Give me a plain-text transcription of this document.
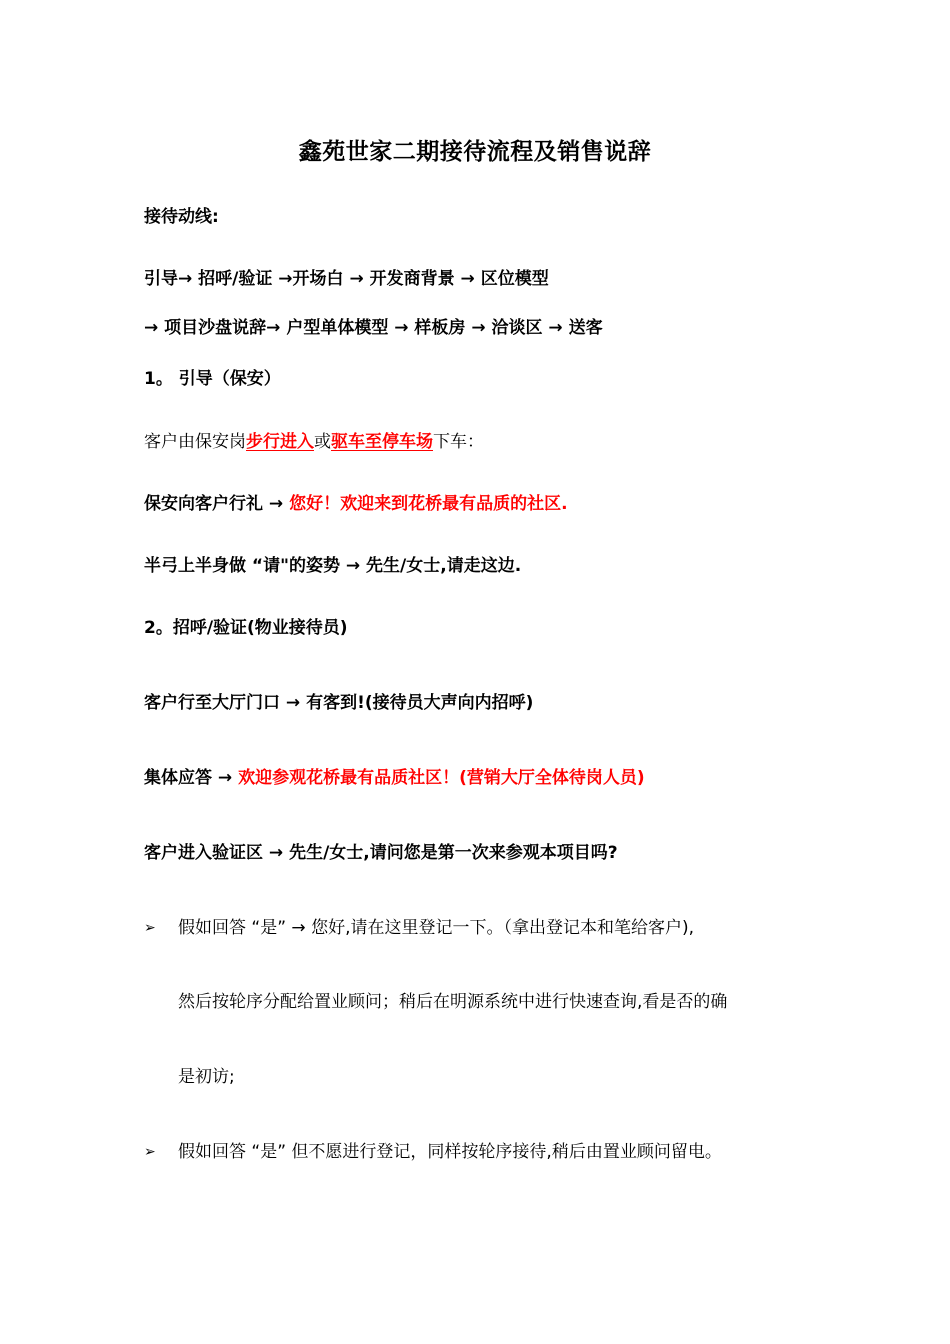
鑫苑世家二期接待流程及销售说辞
接待动线:
引导→ 招呼/验证 →开场白 → 开发商背景 → 区位模型
→ 项目沙盘说辞→ 户型单体模型 → 样板房 → 洽谈区 → 送客
1。 引导（保安）
客户由保安岗步行进入或驱车至停车场下车：
保安向客户行礼 → 您好！欢迎来到花桥最有品质的社区.
半弓上半身做 “请"的姿势 → 先生/女士,请走这边.
2。招呼/验证(物业接待员)
客户行至大厅门口 → 有客到!(接待员大声向内招呼)
集体应答 → 欢迎参观花桥最有品质社区！(营销大厅全体待岗人员)
客户进入验证区 → 先生/女士,请问您是第一次来参观本项目吗?
➢ 假如回答 “是” → 您好,请在这里登记一下。（拿出登记本和笔给客户),
然后按轮序分配给置业顾问；稍后在明源系统中进行快速查询,看是否的确
是初访;
➢ 假如回答 “是” 但不愿进行登记，同样按轮序接待,稍后由置业顾问留电。
